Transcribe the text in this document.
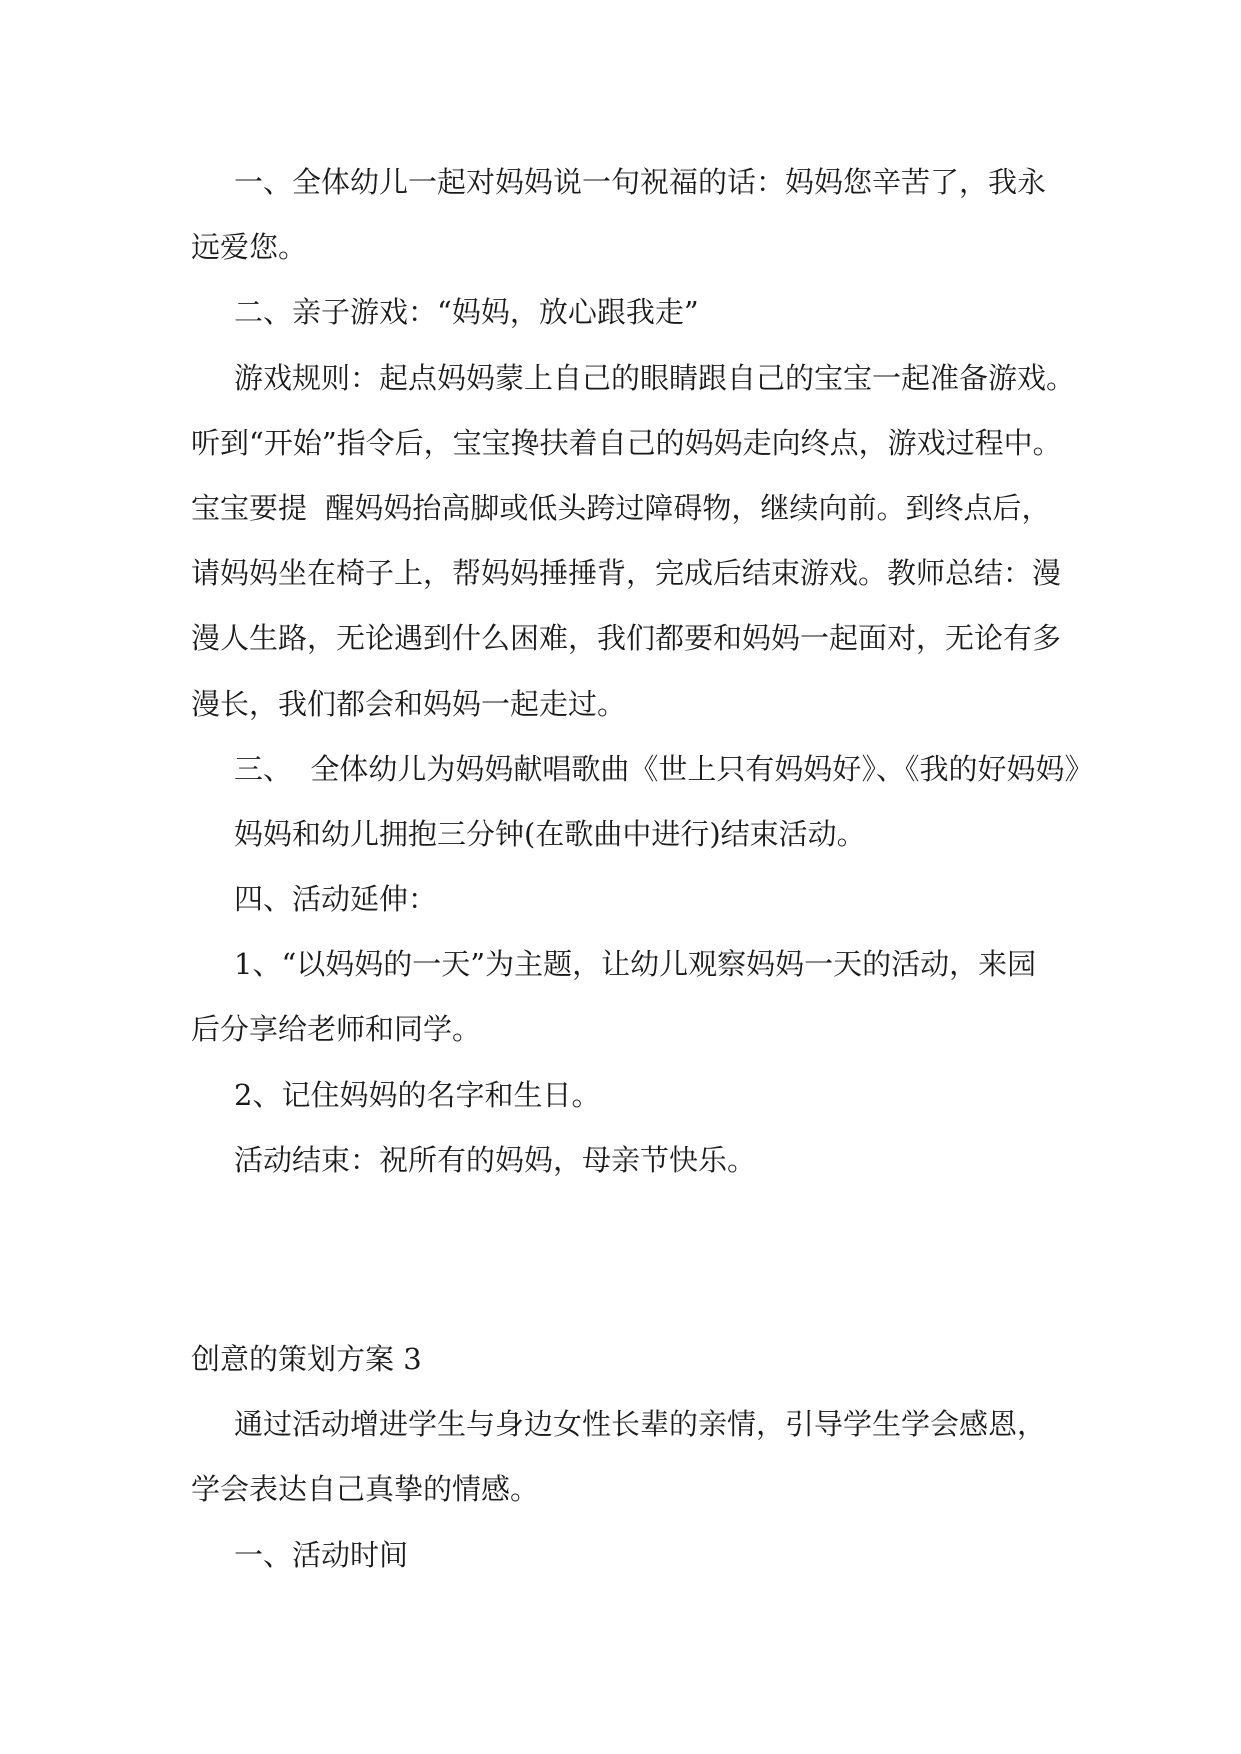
一、全体幼儿一起对妈妈说一句祝福的话：妈妈您辛苦了，我永
远爱您。
二、亲子游戏：“妈妈，放心跟我走”
游戏规则：起点妈妈蒙上自己的眼睛跟自己的宝宝一起准备游戏。
听到“开始”指令后，宝宝搀扶着自己的妈妈走向终点，游戏过程中。
宝宝要提  醒妈妈抬高脚或低头跨过障碍物，继续向前。到终点后，
请妈妈坐在椅子上，帮妈妈捶捶背，完成后结束游戏。教师总结：漫
漫人生路，无论遇到什么困难，我们都要和妈妈一起面对，无论有多
漫长，我们都会和妈妈一起走过。
三、  全体幼儿为妈妈献唱歌曲《世上只有妈妈好》、《我的好妈妈》
妈妈和幼儿拥抱三分钟(在歌曲中进行)结束活动。
四、活动延伸：
1、“以妈妈的一天”为主题，让幼儿观察妈妈一天的活动，来园
后分享给老师和同学。
2、记住妈妈的名字和生日。
活动结束：祝所有的妈妈，母亲节快乐。
创意的策划方案 3
通过活动增进学生与身边女性长辈的亲情，引导学生学会感恩，
学会表达自己真挚的情感。
一、活动时间
